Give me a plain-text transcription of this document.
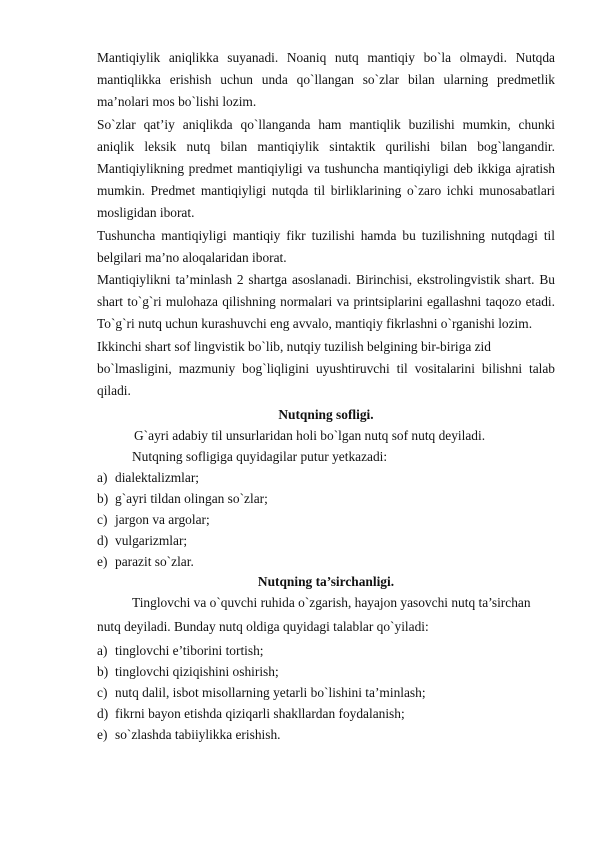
Mantiqiylik aniqlikka suyanadi. Noaniq nutq mantiqiy bo`la olmaydi. Nutqda mantiqlikka erishish uchun unda qo`llangan so`zlar bilan ularning predmetlik ma’nolari mos bo`lishi lozim.

So`zlar qat’iy aniqlikda qo`llanganda ham mantiqlik buzilishi mumkin, chunki aniqlik leksik nutq bilan mantiqiylik sintaktik qurilishi bilan bog`langandir. Mantiqiylikning predmet mantiqiyligi va tushuncha mantiqiyligi deb ikkiga ajratish mumkin. Predmet mantiqiyligi nutqda til birliklarining o`zaro ichki munosabatlari mosligidan iborat.

Tushuncha mantiqiyligi mantiqiy fikr tuzilishi hamda bu tuzilishning nutqdagi til belgilari ma’no aloqalaridan iborat.

Mantiqiylikni ta’minlash 2 shartga asoslanadi. Birinchisi, ekstrolingvistik shart. Bu shart to`g`ri mulohaza qilishning normalari va printsiplarini egallashni taqozo etadi. To`g`ri nutq uchun kurashuvchi eng avvalo, mantiqiy fikrlashni o`rganishi lozim.

Ikkinchi shart sof lingvistik bo`lib, nutqiy tuzilish belgining bir-biriga zid

bo`lmasligini, mazmuniy bog`liqligini uyushtiruvchi til vositalarini bilishni talab qiladi.

Nutqning sofligi.

G`ayri adabiy til unsurlaridan holi bo`lgan nutq sof nutq deyiladi.

Nutqning sofligiga quyidagilar putur yetkazadi:

a) dialektalizmlar;
b) g`ayri tildan olingan so`zlar;
c) jargon va argolar;
d) vulgarizmlar;
e) parazit so`zlar.

Nutqning ta’sirchanligi.

Tinglovchi va o`quvchi ruhida o`zgarish, hayajon yasovchi nutq ta’sirchan

nutq deyiladi. Bunday nutq oldiga quyidagi talablar qo`yiladi:

a) tinglovchi e’tiborini tortish;
b) tinglovchi qiziqishini oshirish;
c) nutq dalil, isbot misollarning yetarli bo`lishini ta’minlash;
d) fikrni bayon etishda qiziqarli shakllardan foydalanish;
e) so`zlashda tabiiylikka erishish.
